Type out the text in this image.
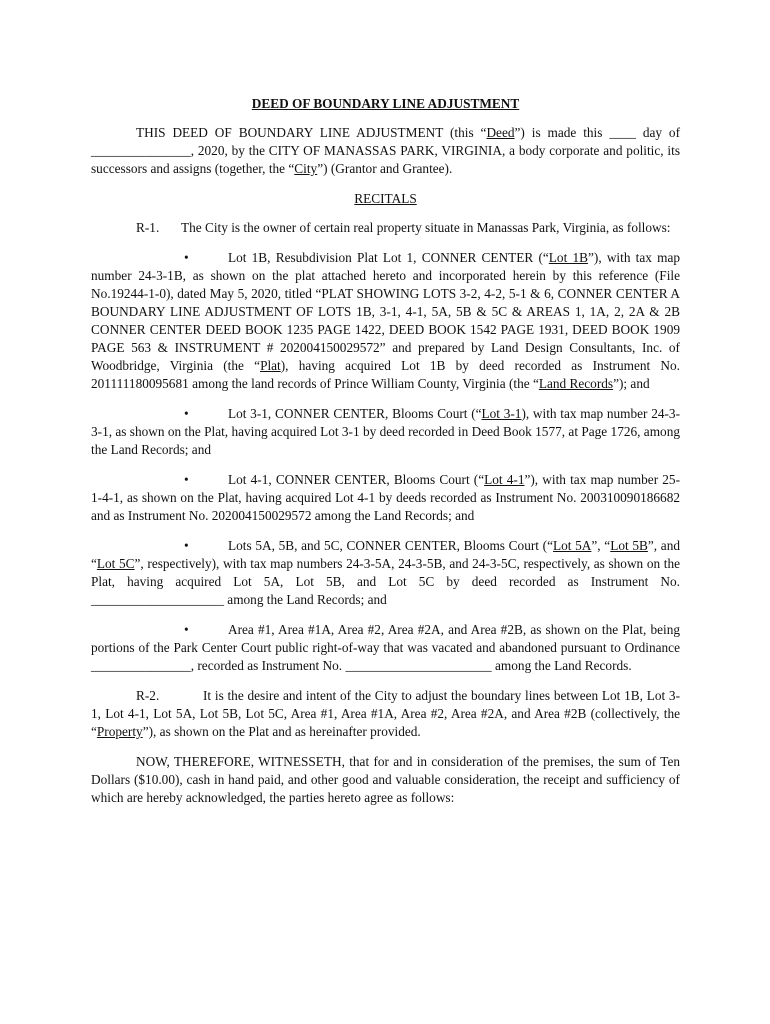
DEED OF BOUNDARY LINE ADJUSTMENT

THIS DEED OF BOUNDARY LINE ADJUSTMENT (this “Deed”) is made this ____ day of _______________, 2020, by the CITY OF MANASSAS PARK, VIRGINIA, a body corporate and politic, its successors and assigns (together, the “City”) (Grantor and Grantee).

RECITALS

R-1. The City is the owner of certain real property situate in Manassas Park, Virginia, as follows:

•	Lot 1B, Resubdivision Plat Lot 1, CONNER CENTER (“Lot 1B”), with tax map number 24-3-1B, as shown on the plat attached hereto and incorporated herein by this reference (File No.19244-1-0), dated May 5, 2020, titled “PLAT SHOWING LOTS 3-2, 4-2, 5-1 & 6, CONNER CENTER A BOUNDARY LINE ADJUSTMENT OF LOTS 1B, 3-1, 4-1, 5A, 5B & 5C & AREAS 1, 1A, 2, 2A & 2B CONNER CENTER DEED BOOK 1235 PAGE 1422, DEED BOOK 1542 PAGE 1931, DEED BOOK 1909 PAGE 563 & INSTRUMENT # 202004150029572” and prepared by Land Design Consultants, Inc. of Woodbridge, Virginia (the “Plat), having acquired Lot 1B by deed recorded as Instrument No. 201111180095681 among the land records of Prince William County, Virginia (the “Land Records”); and

•	Lot 3-1, CONNER CENTER, Blooms Court (“Lot 3-1), with tax map number 24-3-3-1, as shown on the Plat, having acquired Lot 3-1 by deed recorded in Deed Book 1577, at Page 1726, among the Land Records; and

•	Lot 4-1, CONNER CENTER, Blooms Court (“Lot 4-1”), with tax map number 25-1-4-1, as shown on the Plat, having acquired Lot 4-1 by deeds recorded as Instrument No. 200310090186682 and as Instrument No. 202004150029572 among the Land Records; and

•	Lots 5A, 5B, and 5C, CONNER CENTER, Blooms Court (“Lot 5A”, “Lot 5B”, and “Lot 5C”, respectively), with tax map numbers 24-3-5A, 24-3-5B, and 24-3-5C, respectively, as shown on the Plat, having acquired Lot 5A, Lot 5B, and Lot 5C by deed recorded as Instrument No. ____________________ among the Land Records; and

•	Area #1, Area #1A, Area #2, Area #2A, and Area #2B, as shown on the Plat, being portions of the Park Center Court public right-of-way that was vacated and abandoned pursuant to Ordinance _______________, recorded as Instrument No. ______________________ among the Land Records.

R-2.	It is the desire and intent of the City to adjust the boundary lines between Lot 1B, Lot 3-1, Lot 4-1, Lot 5A, Lot 5B, Lot 5C, Area #1, Area #1A, Area #2, Area #2A, and Area #2B (collectively, the “Property”), as shown on the Plat and as hereinafter provided.

NOW, THEREFORE, WITNESSETH, that for and in consideration of the premises, the sum of Ten Dollars ($10.00), cash in hand paid, and other good and valuable consideration, the receipt and sufficiency of which are hereby acknowledged, the parties hereto agree as follows:
